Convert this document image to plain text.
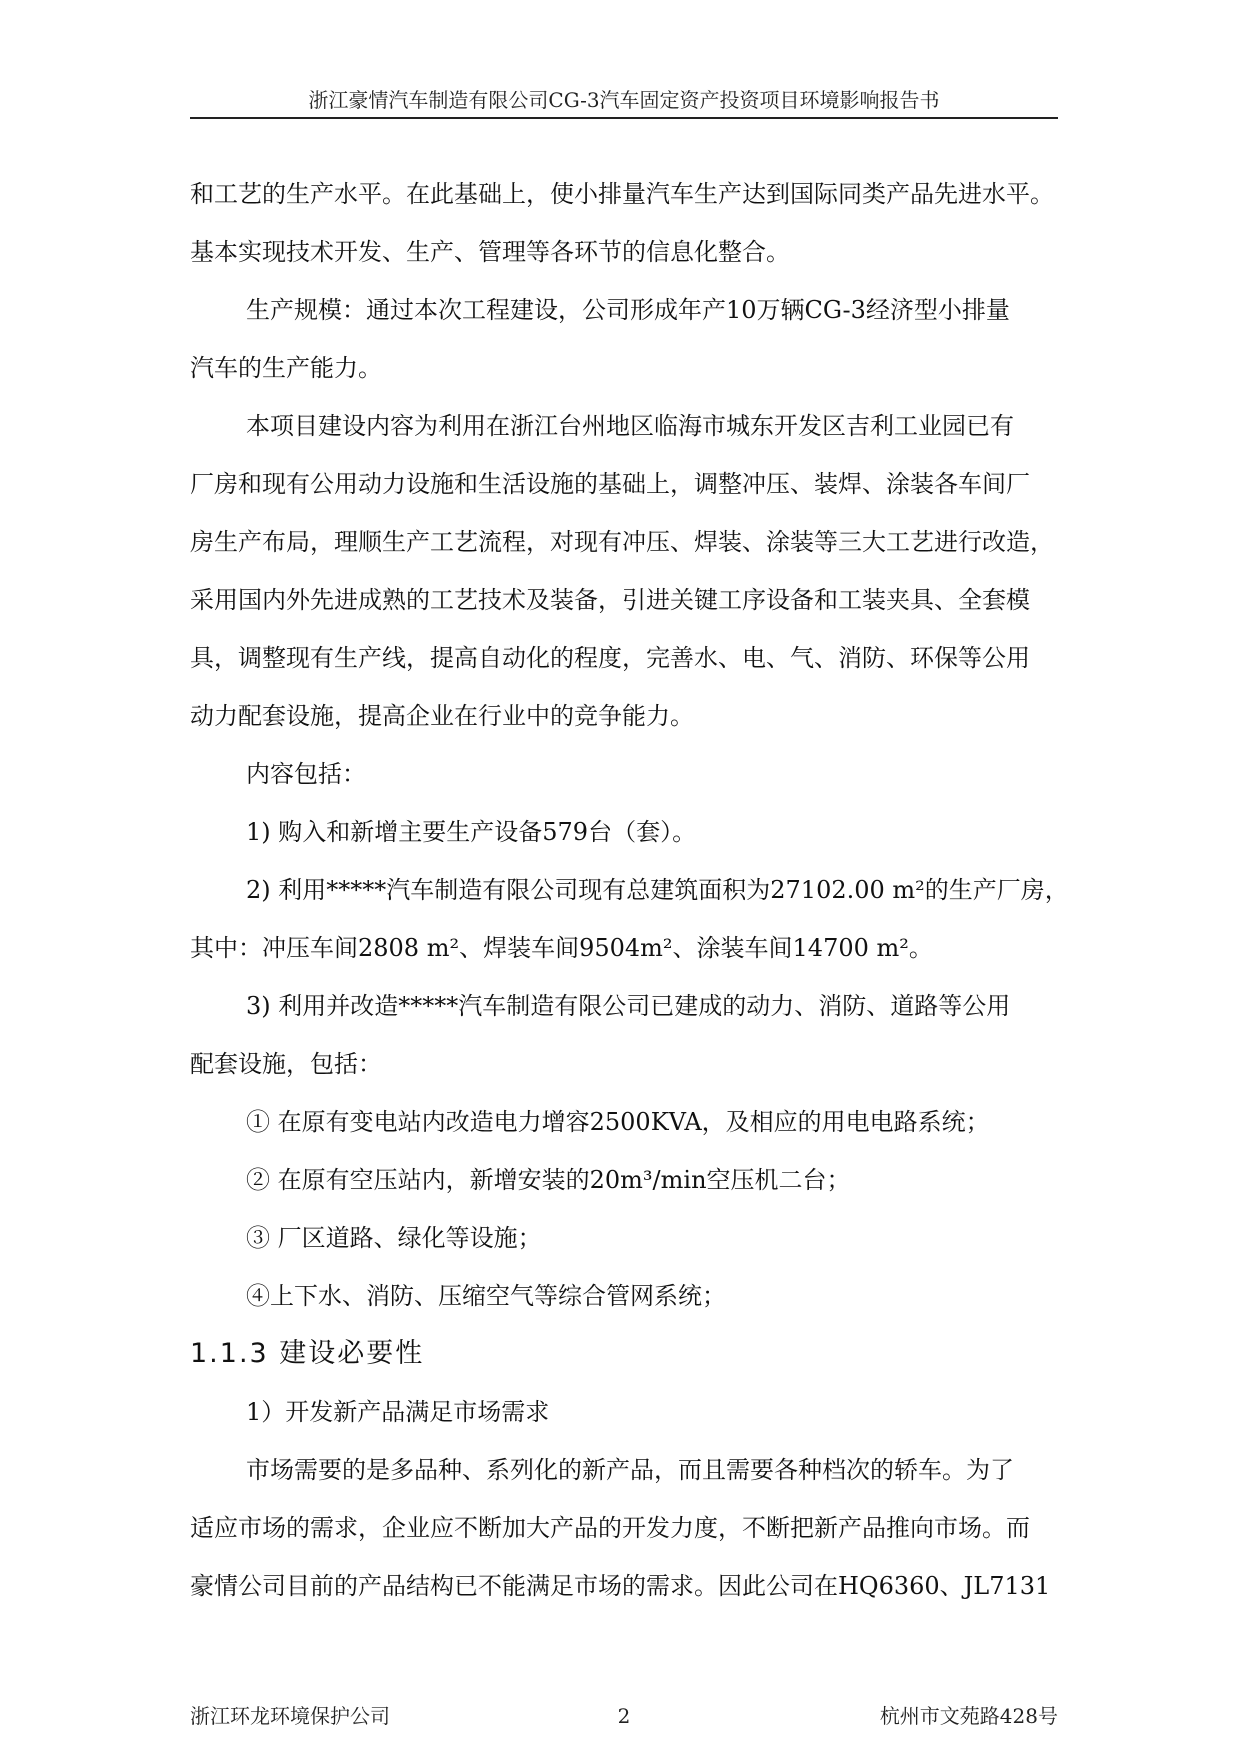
浙江豪情汽车制造有限公司CG-3汽车固定资产投资项目环境影响报告书

和工艺的生产水平。在此基础上，使小排量汽车生产达到国际同类产品先进水平。

基本实现技术开发、生产、管理等各环节的信息化整合。

生产规模：通过本次工程建设，公司形成年产10万辆CG-3经济型小排量

汽车的生产能力。

本项目建设内容为利用在浙江台州地区临海市城东开发区吉利工业园已有

厂房和现有公用动力设施和生活设施的基础上，调整冲压、装焊、涂装各车间厂

房生产布局，理顺生产工艺流程，对现有冲压、焊装、涂装等三大工艺进行改造，

采用国内外先进成熟的工艺技术及装备，引进关键工序设备和工装夹具、全套模

具，调整现有生产线，提高自动化的程度，完善水、电、气、消防、环保等公用

动力配套设施，提高企业在行业中的竞争能力。

内容包括：

1) 购入和新增主要生产设备579台（套）。

2) 利用*****汽车制造有限公司现有总建筑面积为27102.00 m²的生产厂房，

其中：冲压车间2808 m²、焊装车间9504m²、涂装车间14700 m²。

3) 利用并改造*****汽车制造有限公司已建成的动力、消防、道路等公用

配套设施，包括：

① 在原有变电站内改造电力增容2500KVA，及相应的用电电路系统；

② 在原有空压站内，新增安装的20m³/min空压机二台；

③ 厂区道路、绿化等设施；

④上下水、消防、压缩空气等综合管网系统；

1.1.3 建设必要性

1）开发新产品满足市场需求

市场需要的是多品种、系列化的新产品，而且需要各种档次的轿车。为了

适应市场的需求，企业应不断加大产品的开发力度，不断把新产品推向市场。而

豪情公司目前的产品结构已不能满足市场的需求。因此公司在HQ6360、JL7131

浙江环龙环境保护公司	2	杭州市文苑路428号
